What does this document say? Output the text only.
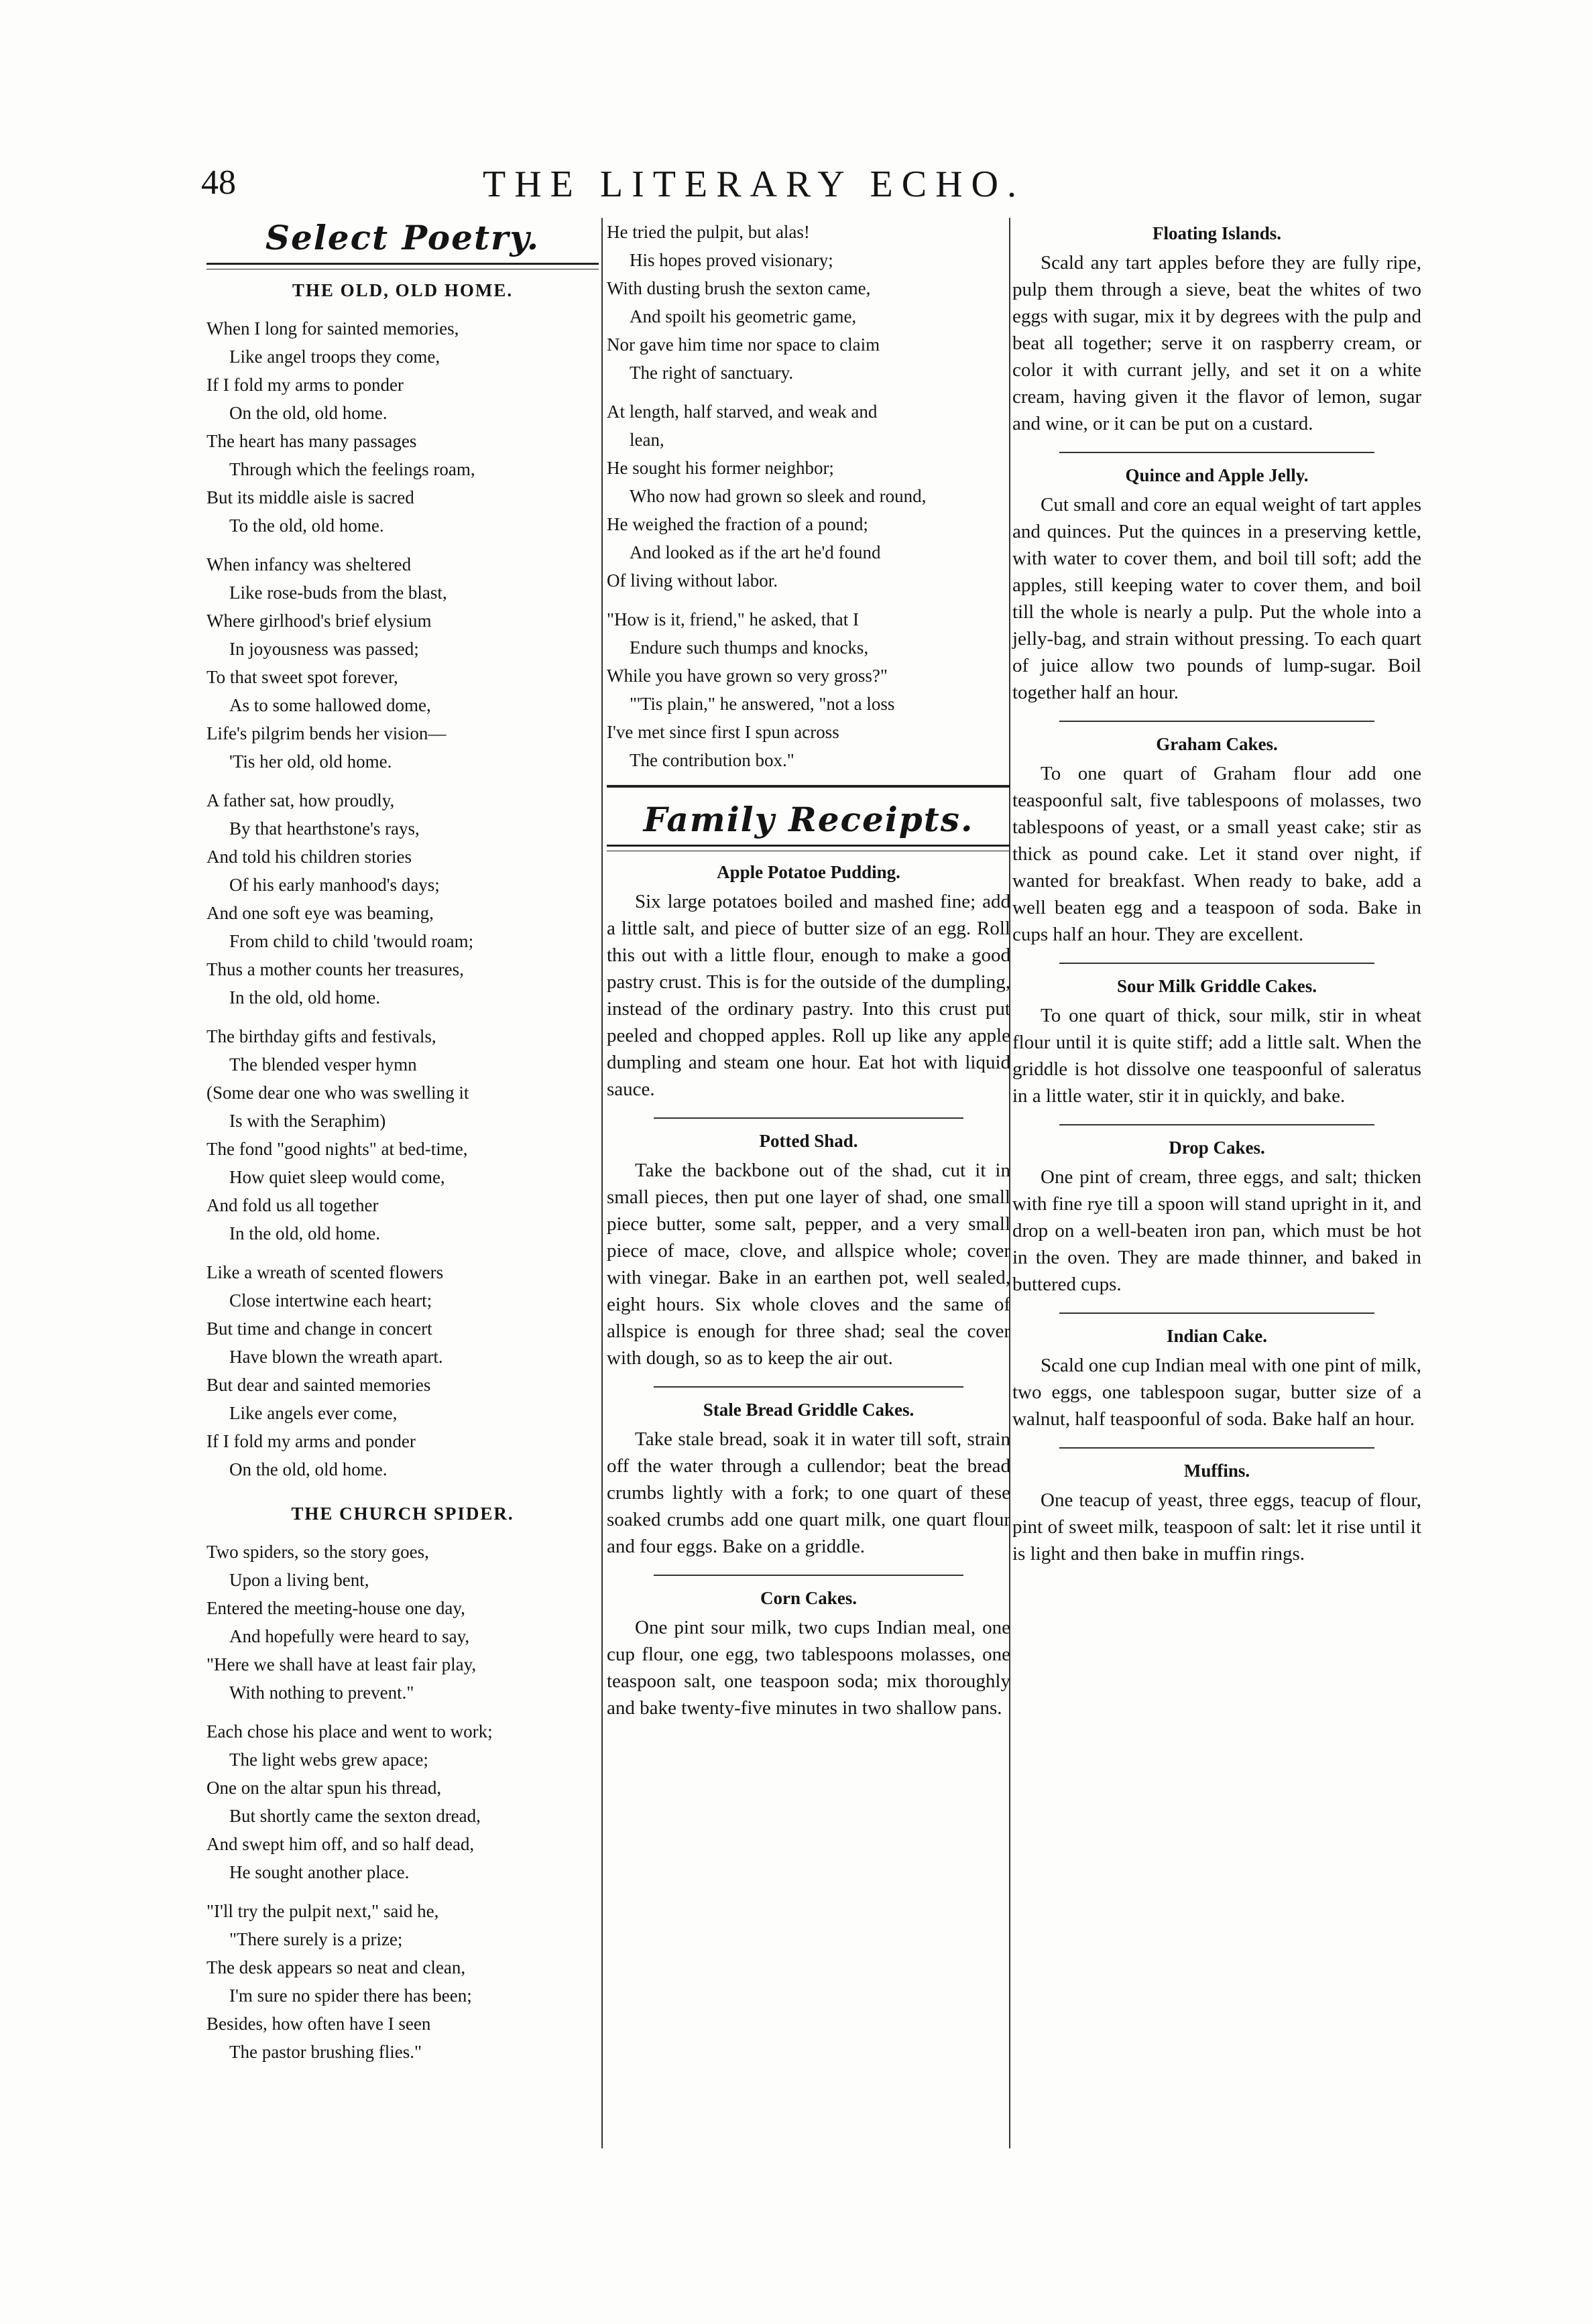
48	THE LITERARY ECHO.
Select Poetry.
THE OLD, OLD HOME.
When I long for sainted memories,
Like angel troops they come,
If I fold my arms to ponder
On the old, old home.
The heart has many passages
Through which the feelings roam,
But its middle aisle is sacred
To the old, old home.
When infancy was sheltered
Like rose-buds from the blast,
Where girlhood's brief elysium
In joyousness was passed;
To that sweet spot forever,
As to some hallowed dome,
Life's pilgrim bends her vision—
'Tis her old, old home.
A father sat, how proudly,
By that hearthstone's rays,
And told his children stories
Of his early manhood's days;
And one soft eye was beaming,
From child to child 'twould roam;
Thus a mother counts her treasures,
In the old, old home.
The birthday gifts and festivals,
The blended vesper hymn
(Some dear one who was swelling it
Is with the Seraphim)
The fond "good nights" at bed-time,
How quiet sleep would come,
And fold us all together
In the old, old home.
Like a wreath of scented flowers
Close intertwine each heart;
But time and change in concert
Have blown the wreath apart.
But dear and sainted memories
Like angels ever come,
If I fold my arms and ponder
On the old, old home.
THE CHURCH SPIDER.
Two spiders, so the story goes,
Upon a living bent,
Entered the meeting-house one day,
And hopefully were heard to say,
"Here we shall have at least fair play,
With nothing to prevent."
Each chose his place and went to work;
The light webs grew apace;
One on the altar spun his thread,
But shortly came the sexton dread,
And swept him off, and so half dead,
He sought another place.
"I'll try the pulpit next," said he,
"There surely is a prize;
The desk appears so neat and clean,
I'm sure no spider there has been;
Besides, how often have I seen
The pastor brushing flies."
He tried the pulpit, but alas!
His hopes proved visionary;
With dusting brush the sexton came,
And spoilt his geometric game,
Nor gave him time nor space to claim
The right of sanctuary.
At length, half starved, and weak and
lean,
He sought his former neighbor;
Who now had grown so sleek and round,
He weighed the fraction of a pound;
And looked as if the art he'd found
Of living without labor.
"How is it, friend," he asked, that I
Endure such thumps and knocks,
While you have grown so very gross?"
"'Tis plain," he answered, "not a loss
I've met since first I spun across
The contribution box."
Family Receipts.
Apple Potatoe Pudding.

Six large potatoes boiled and mashed fine; add a little salt, and piece of butter size of an egg. Roll this out with a little flour, enough to make a good pastry crust. This is for the outside of the dumpling, instead of the ordinary pastry. Into this crust put peeled and chopped apples. Roll up like any apple dumpling and steam one hour. Eat hot with liquid sauce.

Potted Shad.

Take the backbone out of the shad, cut it in small pieces, then put one layer of shad, one small piece butter, some salt, pepper, and a very small piece of mace, clove, and allspice whole; cover with vinegar. Bake in an earthen pot, well sealed, eight hours. Six whole cloves and the same of allspice is enough for three shad; seal the cover with dough, so as to keep the air out.

Stale Bread Griddle Cakes.

Take stale bread, soak it in water till soft, strain off the water through a cullendor; beat the bread crumbs lightly with a fork; to one quart of these soaked crumbs add one quart milk, one quart flour and four eggs. Bake on a griddle.

Corn Cakes.

One pint sour milk, two cups Indian meal, one cup flour, one egg, two tablespoons molasses, one teaspoon salt, one teaspoon soda; mix thoroughly and bake twenty-five minutes in two shallow pans.

Floating Islands.

Scald any tart apples before they are fully ripe, pulp them through a sieve, beat the whites of two eggs with sugar, mix it by degrees with the pulp and beat all together; serve it on raspberry cream, or color it with currant jelly, and set it on a white cream, having given it the flavor of lemon, sugar and wine, or it can be put on a custard.

Quince and Apple Jelly.

Cut small and core an equal weight of tart apples and quinces. Put the quinces in a preserving kettle, with water to cover them, and boil till soft; add the apples, still keeping water to cover them, and boil till the whole is nearly a pulp. Put the whole into a jelly-bag, and strain without pressing. To each quart of juice allow two pounds of lump-sugar. Boil together half an hour.

Graham Cakes.

To one quart of Graham flour add one teaspoonful salt, five tablespoons of molasses, two tablespoons of yeast, or a small yeast cake; stir as thick as pound cake. Let it stand over night, if wanted for breakfast. When ready to bake, add a well beaten egg and a teaspoon of soda. Bake in cups half an hour. They are excellent.

Sour Milk Griddle Cakes.

To one quart of thick, sour milk, stir in wheat flour until it is quite stiff; add a little salt. When the griddle is hot dissolve one teaspoonful of saleratus in a little water, stir it in quickly, and bake.

Drop Cakes.

One pint of cream, three eggs, and salt; thicken with fine rye till a spoon will stand upright in it, and drop on a well-beaten iron pan, which must be hot in the oven. They are made thinner, and baked in buttered cups.

Indian Cake.

Scald one cup Indian meal with one pint of milk, two eggs, one tablespoon sugar, butter size of a walnut, half teaspoonful of soda. Bake half an hour.

Muffins.

One teacup of yeast, three eggs, teacup of flour, pint of sweet milk, teaspoon of salt: let it rise until it is light and then bake in muffin rings.
